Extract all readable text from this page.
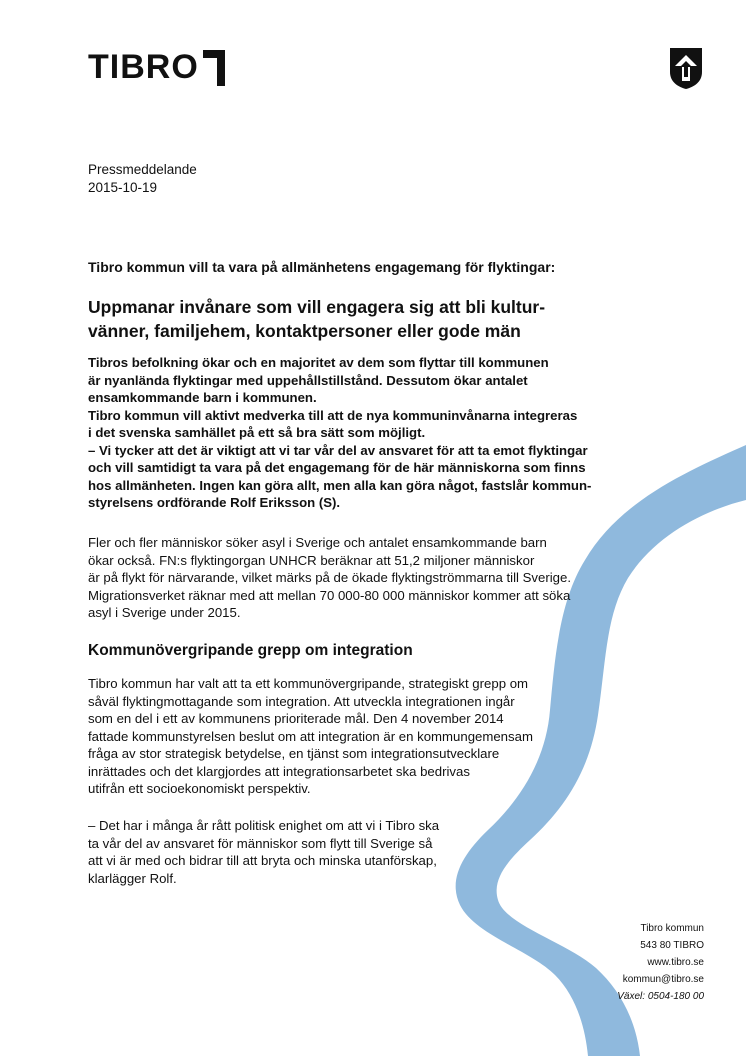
TIBRO
Pressmeddelande
2015-10-19
Tibro kommun vill ta vara på allmänhetens engagemang för flyktingar:
Uppmanar invånare som vill engagera sig att bli kultur-
vänner, familjehem, kontaktpersoner eller gode män

Tibros befolkning ökar och en majoritet av dem som flyttar till kommunen
är nyanlända flyktingar med uppehållstillstånd. Dessutom ökar antalet
ensamkommande barn i kommunen.

Tibro kommun vill aktivt medverka till att de nya kommuninvånarna integreras
i det svenska samhället på ett så bra sätt som möjligt.

– Vi tycker att det är viktigt att vi tar vår del av ansvaret för att ta emot flyktingar
och vill samtidigt ta vara på det engagemang för de här människorna som finns
hos allmänheten. Ingen kan göra allt, men alla kan göra något, fastslår kommun-
styrelsens ordförande Rolf Eriksson (S).

Fler och fler människor söker asyl i Sverige och antalet ensamkommande barn
ökar också. FN:s flyktingorgan UNHCR beräknar att 51,2 miljoner människor
är på flykt för närvarande, vilket märks på de ökade flyktingströmmarna till Sverige.
Migrationsverket räknar med att mellan 70 000-80 000 människor kommer att söka
asyl i Sverige under 2015.
Kommunövergripande grepp om integration
Tibro kommun har valt att ta ett kommunövergripande, strategiskt grepp om
såväl flyktingmottagande som integration. Att utveckla integrationen ingår
som en del i ett av kommunens prioriterade mål. Den 4 november 2014
fattade kommunstyrelsen beslut om att integration är en kommungemensam
fråga av stor strategisk betydelse, en tjänst som integrationsutvecklare
inrättades och det klargjordes att integrationsarbetet ska bedrivas
utifrån ett socioekonomiskt perspektiv.
– Det har i många år rått politisk enighet om att vi i Tibro ska
ta vår del av ansvaret för människor som flytt till Sverige så
att vi är med och bidrar till att bryta och minska utanförskap,
klarlägger Rolf.
Tibro kommun
543 80 TIBRO
www.tibro.se
kommun@tibro.se
Växel: 0504-180 00
